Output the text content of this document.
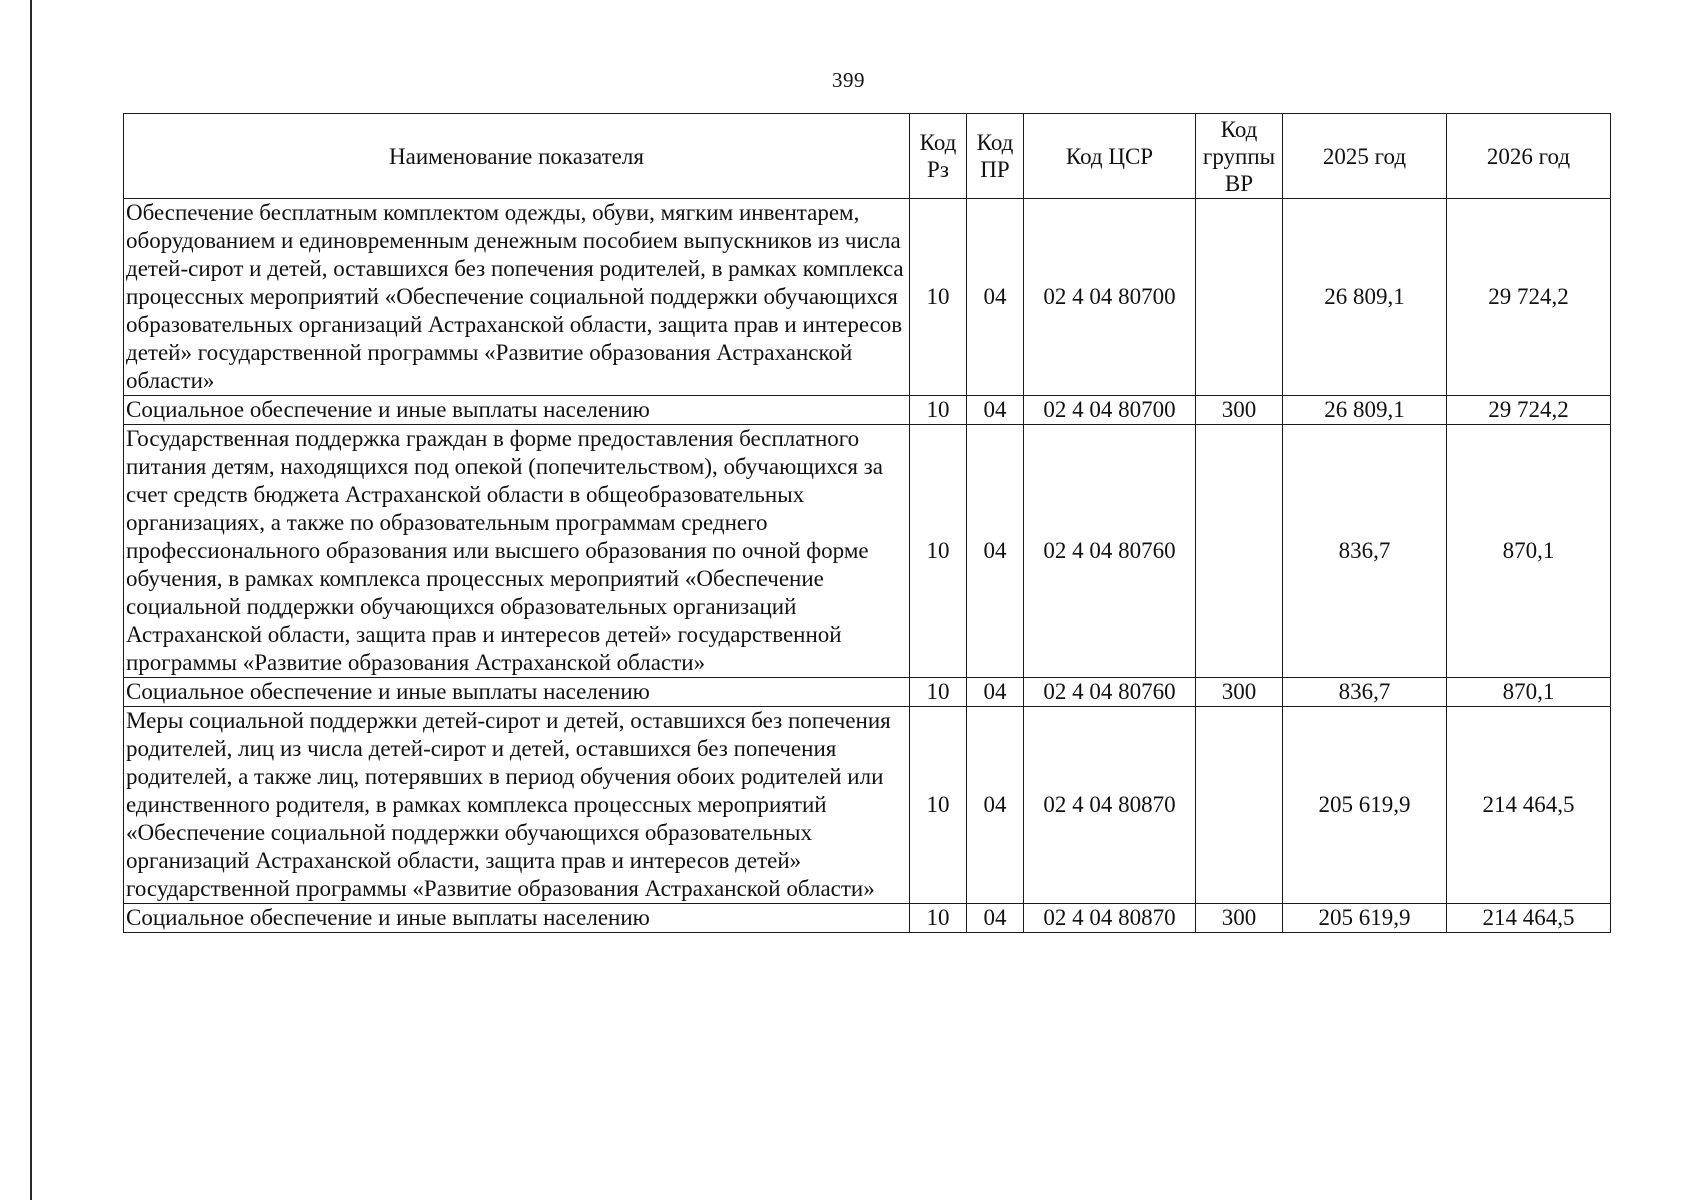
399
Наименование показателя	Код Рз	Код ПР	Код ЦСР	Код группы ВР	2025 год	2026 год
Обеспечение бесплатным комплектом одежды, обуви, мягким инвентарем, оборудованием и единовременным денежным пособием выпускников из числа детей-сирот и детей, оставшихся без попечения родителей, в рамках комплекса процессных мероприятий «Обеспечение социальной поддержки обучающихся образовательных организаций Астраханской области, защита прав и интересов детей» государственной программы «Развитие образования Астраханской области»	10	04	02 4 04 80700		26 809,1	29 724,2
Социальное обеспечение и иные выплаты населению	10	04	02 4 04 80700	300	26 809,1	29 724,2
Государственная поддержка граждан в форме предоставления бесплатного питания детям, находящихся под опекой (попечительством), обучающихся за счет средств бюджета Астраханской области в общеобразовательных организациях, а также по образовательным программам среднего профессионального образования или высшего образования по очной форме обучения, в рамках комплекса процессных мероприятий «Обеспечение социальной поддержки обучающихся образовательных организаций Астраханской области, защита прав и интересов детей» государственной программы «Развитие образования Астраханской области»	10	04	02 4 04 80760		836,7	870,1
Социальное обеспечение и иные выплаты населению	10	04	02 4 04 80760	300	836,7	870,1
Меры социальной поддержки детей-сирот и детей, оставшихся без попечения родителей, лиц из числа детей-сирот и детей, оставшихся без попечения родителей, а также лиц, потерявших в период обучения обоих родителей или единственного родителя, в рамках комплекса процессных мероприятий «Обеспечение социальной поддержки обучающихся образовательных организаций Астраханской области, защита прав и интересов детей» государственной программы «Развитие образования Астраханской области»	10	04	02 4 04 80870		205 619,9	214 464,5
Социальное обеспечение и иные выплаты населению	10	04	02 4 04 80870	300	205 619,9	214 464,5
